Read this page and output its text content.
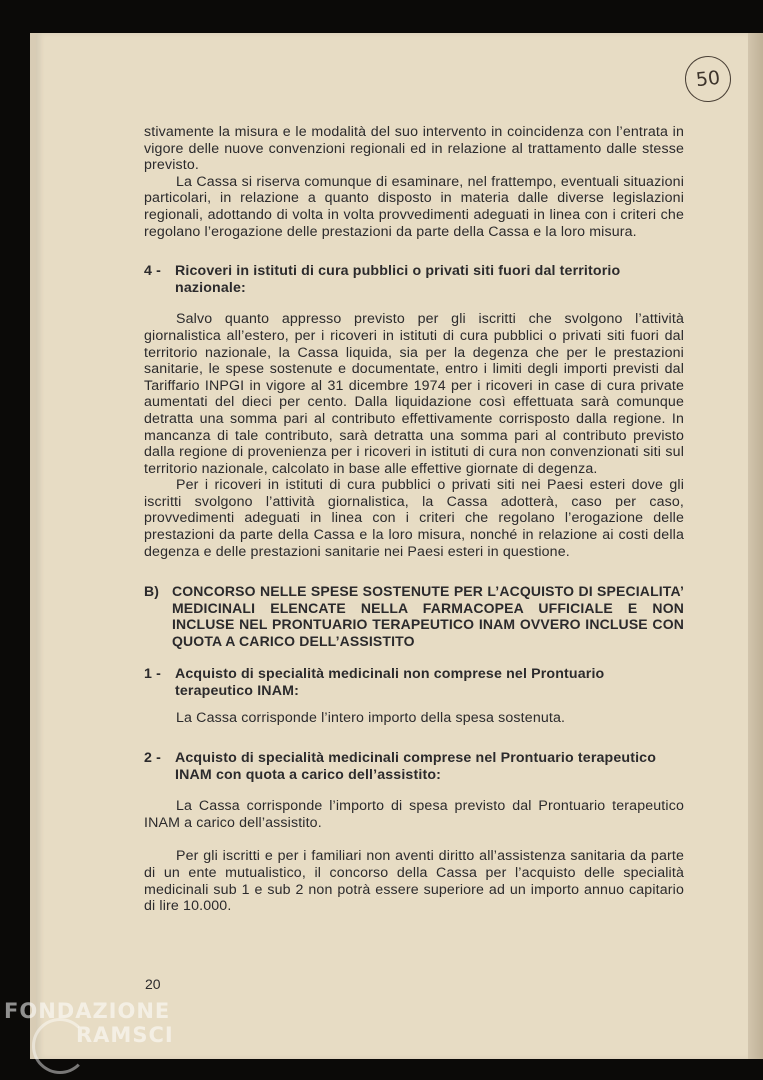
50

stivamente la misura e le modalità del suo intervento in coincidenza con l’entrata in vigore delle nuove convenzioni regionali ed in relazione al trattamento dalle stesse previsto.

La Cassa si riserva comunque di esaminare, nel frattempo, eventuali situazioni particolari, in relazione a quanto disposto in materia dalle diverse legislazioni regionali, adottando di volta in volta provvedimenti adeguati in linea con i criteri che regolano l’erogazione delle prestazioni da parte della Cassa e la loro misura.

4 - Ricoveri in istituti di cura pubblici o privati siti fuori dal territorio nazionale:

Salvo quanto appresso previsto per gli iscritti che svolgono l’attività giornalistica all’estero, per i ricoveri in istituti di cura pubblici o privati siti fuori dal territorio nazionale, la Cassa liquida, sia per la degenza che per le prestazioni sanitarie, le spese sostenute e documentate, entro i limiti degli importi previsti dal Tariffario INPGI in vigore al 31 dicembre 1974 per i ricoveri in case di cura private aumentati del dieci per cento. Dalla liquidazione così effettuata sarà comunque detratta una somma pari al contributo effettivamente corrisposto dalla regione. In mancanza di tale contributo, sarà detratta una somma pari al contributo previsto dalla regione di provenienza per i ricoveri in istituti di cura non convenzionati siti sul territorio nazionale, calcolato in base alle effettive giornate di degenza.

Per i ricoveri in istituti di cura pubblici o privati siti nei Paesi esteri dove gli iscritti svolgono l’attività giornalistica, la Cassa adotterà, caso per caso, provvedimenti adeguati in linea con i criteri che regolano l’erogazione delle prestazioni da parte della Cassa e la loro misura, nonché in relazione ai costi della degenza e delle prestazioni sanitarie nei Paesi esteri in questione.

B) CONCORSO NELLE SPESE SOSTENUTE PER L’ACQUISTO DI SPECIALITA’ MEDICINALI ELENCATE NELLA FARMACOPEA UFFICIALE E NON INCLUSE NEL PRONTUARIO TERAPEUTICO INAM OVVERO INCLUSE CON QUOTA A CARICO DELL’ASSISTITO
1 - Acquisto di specialità medicinali non comprese nel Prontuario terapeutico INAM:

La Cassa corrisponde l’intero importo della spesa sostenuta.

2 - Acquisto di specialità medicinali comprese nel Prontuario terapeutico INAM con quota a carico dell’assistito:

La Cassa corrisponde l’importo di spesa previsto dal Prontuario terapeutico INAM a carico dell’assistito.

Per gli iscritti e per i familiari non aventi diritto all’assistenza sanitaria da parte di un ente mutualistico, il concorso della Cassa per l’acquisto delle specialità medicinali sub 1 e sub 2 non potrà essere superiore ad un importo annuo capitario di lire 10.000.

20
FONDAZIONE
RAMSCI
